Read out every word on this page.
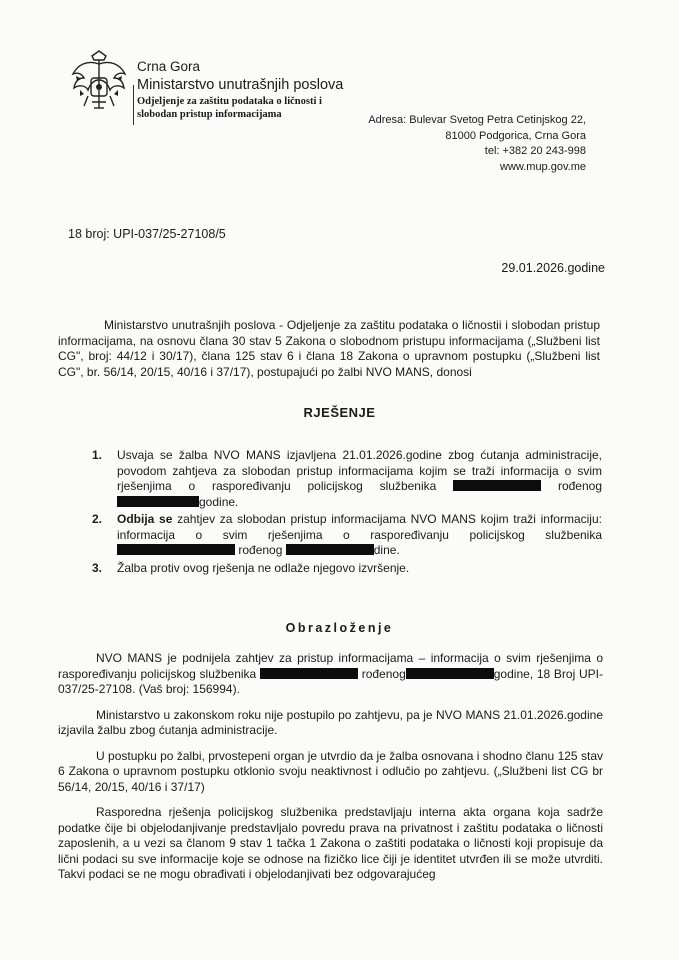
Crna Gora
Ministarstvo unutrašnjih poslova
Odjeljenje za zaštitu podataka o ličnosti i slobodan pristup informacijama	Adresa: Bulevar Svetog Petra Cetinjskog 22,
81000 Podgorica, Crna Gora
tel: +382 20 243-998
www.mup.gov.me
18 broj: UPI-037/25-27108/5
29.01.2026.godine

Ministarstvo unutrašnjih poslova - Odjeljenje za zaštitu podataka o ličnostii i slobodan pristup informacijama, na osnovu člana 30 stav 5 Zakona o slobodnom pristupu informacijama („Službeni list CG", broj: 44/12 i 30/17), člana 125 stav 6 i člana 18 Zakona o upravnom postupku („Službeni list CG", br. 56/14, 20/15, 40/16 i 37/17), postupajući po žalbi NVO MANS, donosi

RJEŠENJE
1.	Usvaja se žalba NVO MANS izjavljena 21.01.2026.godine zbog ćutanja administracije, povodom zahtjeva za slobodan pristup informacijama kojim se traži informacija o svim rješenjima o raspoređivanju policijskog službenika	rođenog godine.
2.	Odbija se zahtjev za slobodan pristup informacijama NVO MANS kojim traži informaciju: informacija o svim rješenjima o raspoređivanju policijskog službenika  rođenog	dine.
3.	Žalba protiv ovog rješenja ne odlaže njegovo izvršenje.
Obrazloženje

NVO MANS je podnijela zahtjev za pristup informacijama – informacija o svim rješenjima o raspoređivanju policijskog službenika	rođenog	godine, 18 Broj UPI-037/25-27108. (Vaš broj: 156994).

Ministarstvo u zakonskom roku nije postupilo po zahtjevu, pa je NVO MANS 21.01.2026.godine izjavila žalbu zbog ćutanja administracije.

U postupku po žalbi, prvostepeni organ je utvrdio da je žalba osnovana i shodno članu 125 stav 6 Zakona o upravnom postupku otklonio svoju neaktivnost i odlučio po zahtjevu. („Službeni list CG br 56/14, 20/15, 40/16 i 37/17)

Rasporedna rješenja policijskog službenika predstavljaju interna akta organa koja sadrže podatke čije bi objelodanjivanje predstavljalo povredu prava na privatnost i zaštitu podataka o ličnosti zaposlenih, a u vezi sa članom 9 stav 1 tačka 1 Zakona o zaštiti podataka o ličnosti koji propisuje da lični podaci su sve informacije koje se odnose na fizičko lice čiji je identitet utvrđen ili se može utvrditi. Takvi podaci se ne mogu obrađivati i objelodanjivati bez odgovarajućeg
